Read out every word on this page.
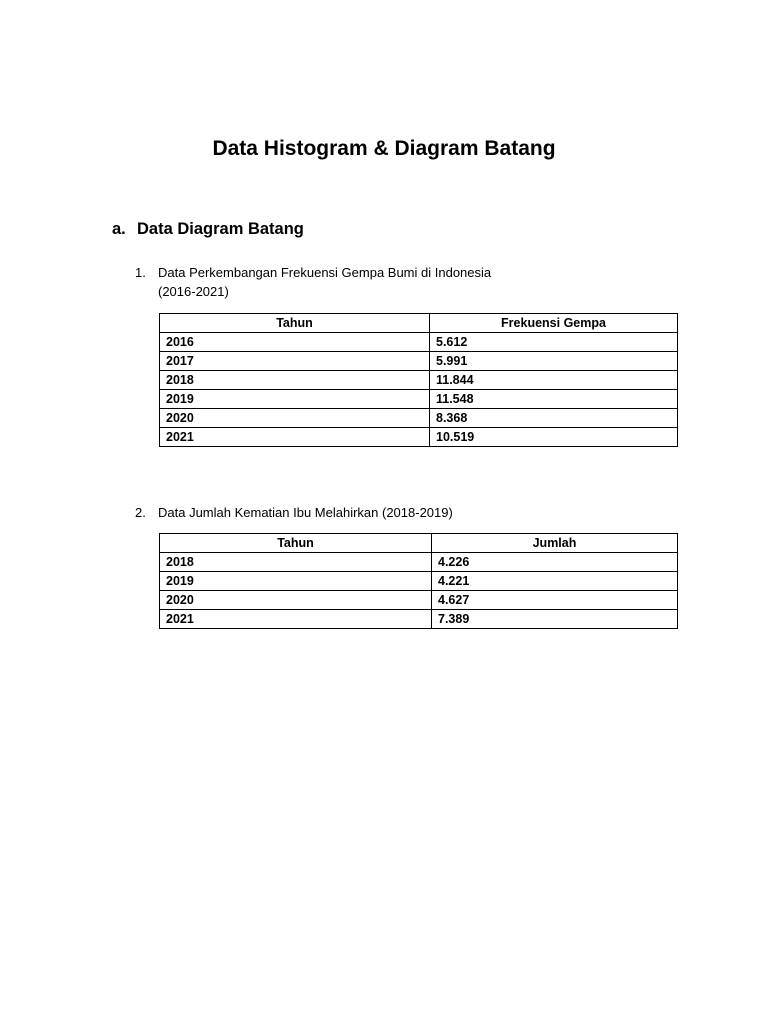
Data Histogram & Diagram Batang
a. Data Diagram Batang
1. Data Perkembangan Frekuensi Gempa Bumi di Indonesia
(2016-2021)
Tahun	Frekuensi Gempa
2016	5.612
2017	5.991
2018	11.844
2019	11.548
2020	8.368
2021	10.519
2. Data Jumlah Kematian Ibu Melahirkan (2018-2019)
Tahun	Jumlah
2018	4.226
2019	4.221
2020	4.627
2021	7.389
